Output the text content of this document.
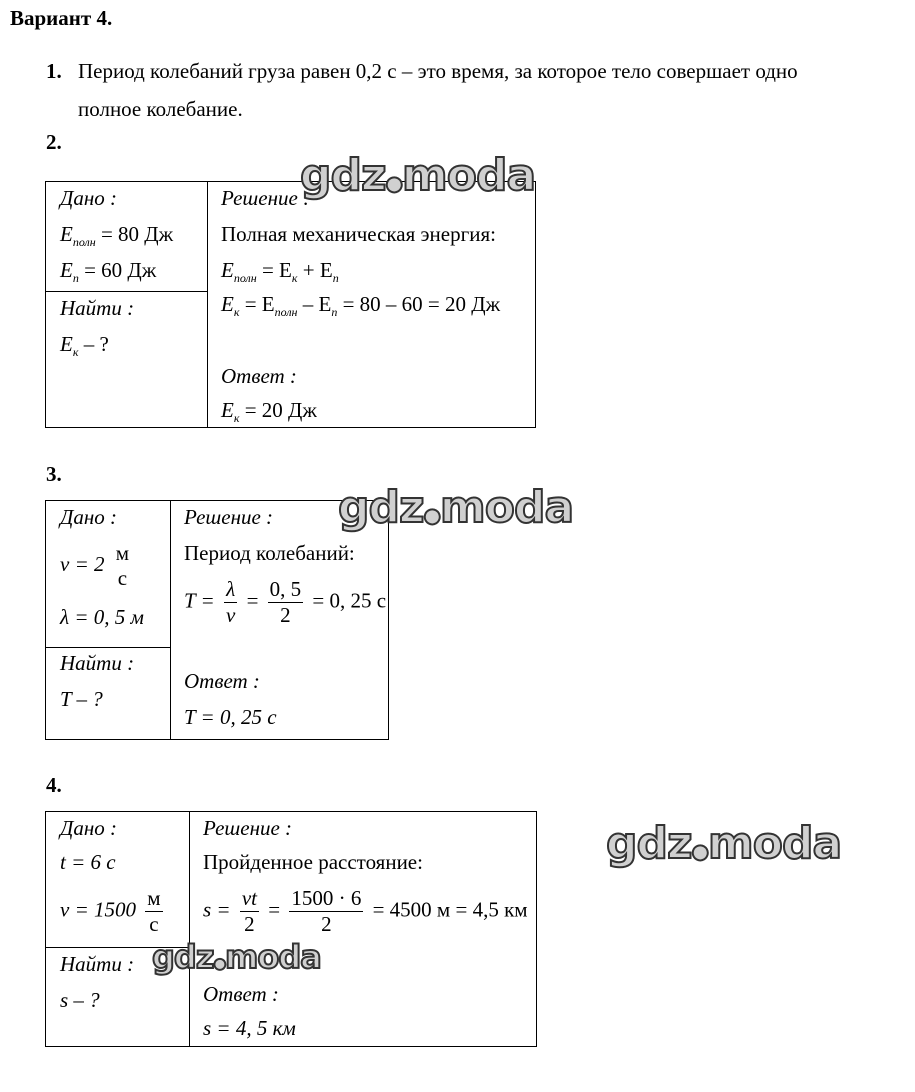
Вариант 4.
1. Период колебаний груза равен 0,2 с – это время, за которое тело совершает одно
полное колебание.
2.
Дано :
$E_{полн} = 80$ Дж
$E_п = 60$ Дж
Найти :
$E_к$ – ?
Решение :
Полная механическая энергия:
$E_{полн} = E_к + E_п$
$E_к = E_{полн} - E_п = 80 - 60 = 20$ Дж
Ответ :
$E_к = 20$ Дж
3.
Дано :
v = 2 м
с
λ = 0, 5 м
Найти :
T – ?
Решение :
Период колебаний:
$T = \frac{\lambda}{v} = \frac{0, 5}{2} = 0$, 25 с
Ответ :
T = 0, 25 с
4.
Дано :
t = 6 с
$v = 1500 \frac{м}{с}$
Найти :
s – ?
Решение :
Пройденное расстояние:
$s = \frac{vt}{2} = \frac{1500 \cdot 6}{2} = 4500$ м = 4,5 км
Ответ :
s = 4, 5 км
gdz●moda
gdz●moda
gdz●moda
gdz●moda
